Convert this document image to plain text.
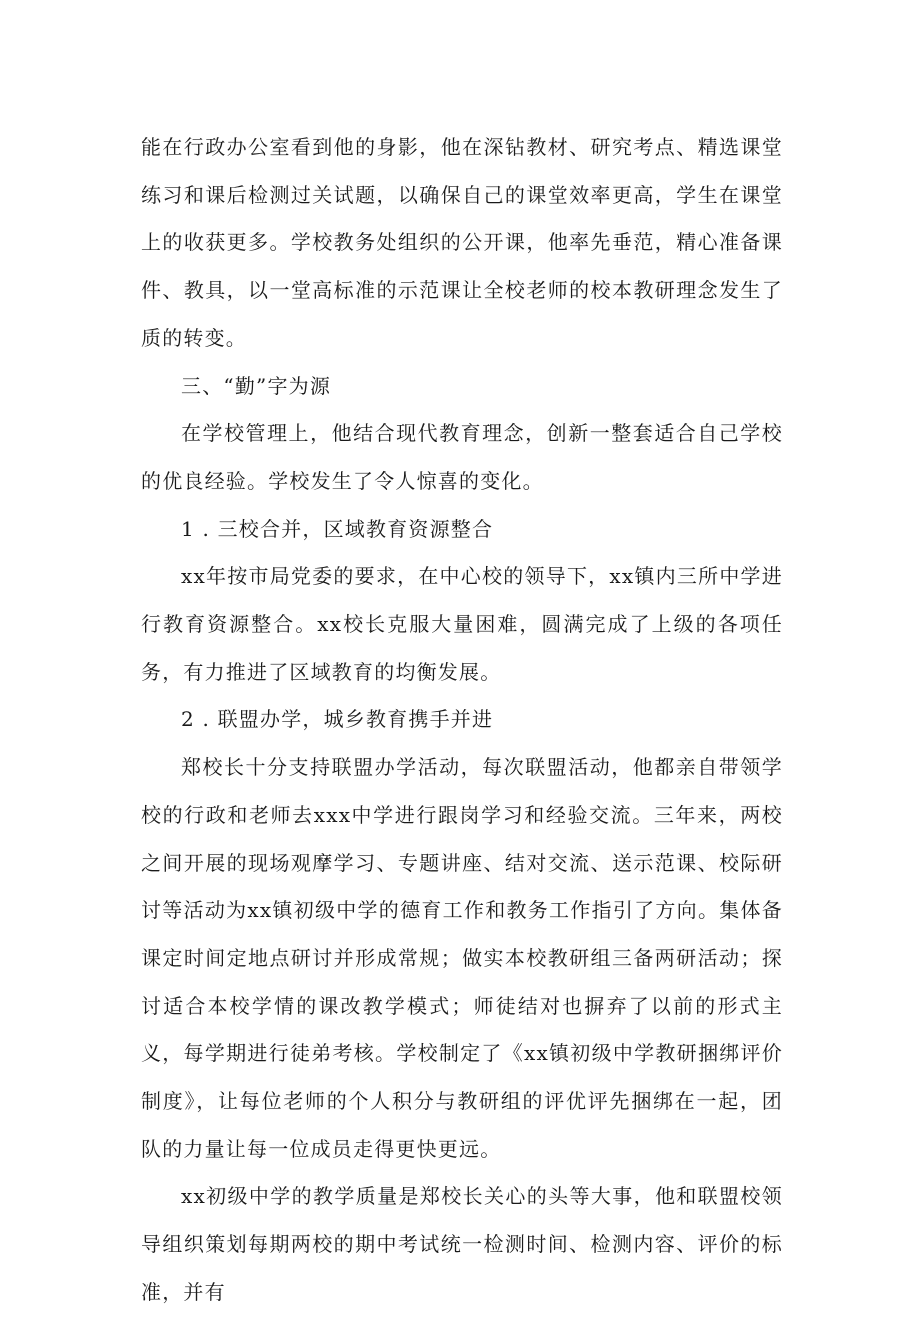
能在行政办公室看到他的身影，他在深钻教材、研究考点、精选课堂练习和课后检测过关试题，以确保自己的课堂效率更高，学生在课堂上的收获更多。学校教务处组织的公开课，他率先垂范，精心准备课件、教具，以一堂高标准的示范课让全校老师的校本教研理念发生了质的转变。

三、“勤”字为源

在学校管理上，他结合现代教育理念，创新一整套适合自己学校的优良经验。学校发生了令人惊喜的变化。

1 . 三校合并，区域教育资源整合

xx年按市局党委的要求，在中心校的领导下，xx镇内三所中学进行教育资源整合。xx校长克服大量困难，圆满完成了上级的各项任务，有力推进了区域教育的均衡发展。

2 . 联盟办学，城乡教育携手并进

郑校长十分支持联盟办学活动，每次联盟活动，他都亲自带领学校的行政和老师去xxx中学进行跟岗学习和经验交流。三年来，两校之间开展的现场观摩学习、专题讲座、结对交流、送示范课、校际研讨等活动为xx镇初级中学的德育工作和教务工作指引了方向。集体备课定时间定地点研讨并形成常规；做实本校教研组三备两研活动；探讨适合本校学情的课改教学模式；师徒结对也摒弃了以前的形式主义，每学期进行徒弟考核。学校制定了《xx镇初级中学教研捆绑评价制度》，让每位老师的个人积分与教研组的评优评先捆绑在一起，团队的力量让每一位成员走得更快更远。

xx初级中学的教学质量是郑校长关心的头等大事，他和联盟校领导组织策划每期两校的期中考试统一检测时间、检测内容、评价的标准，并有
